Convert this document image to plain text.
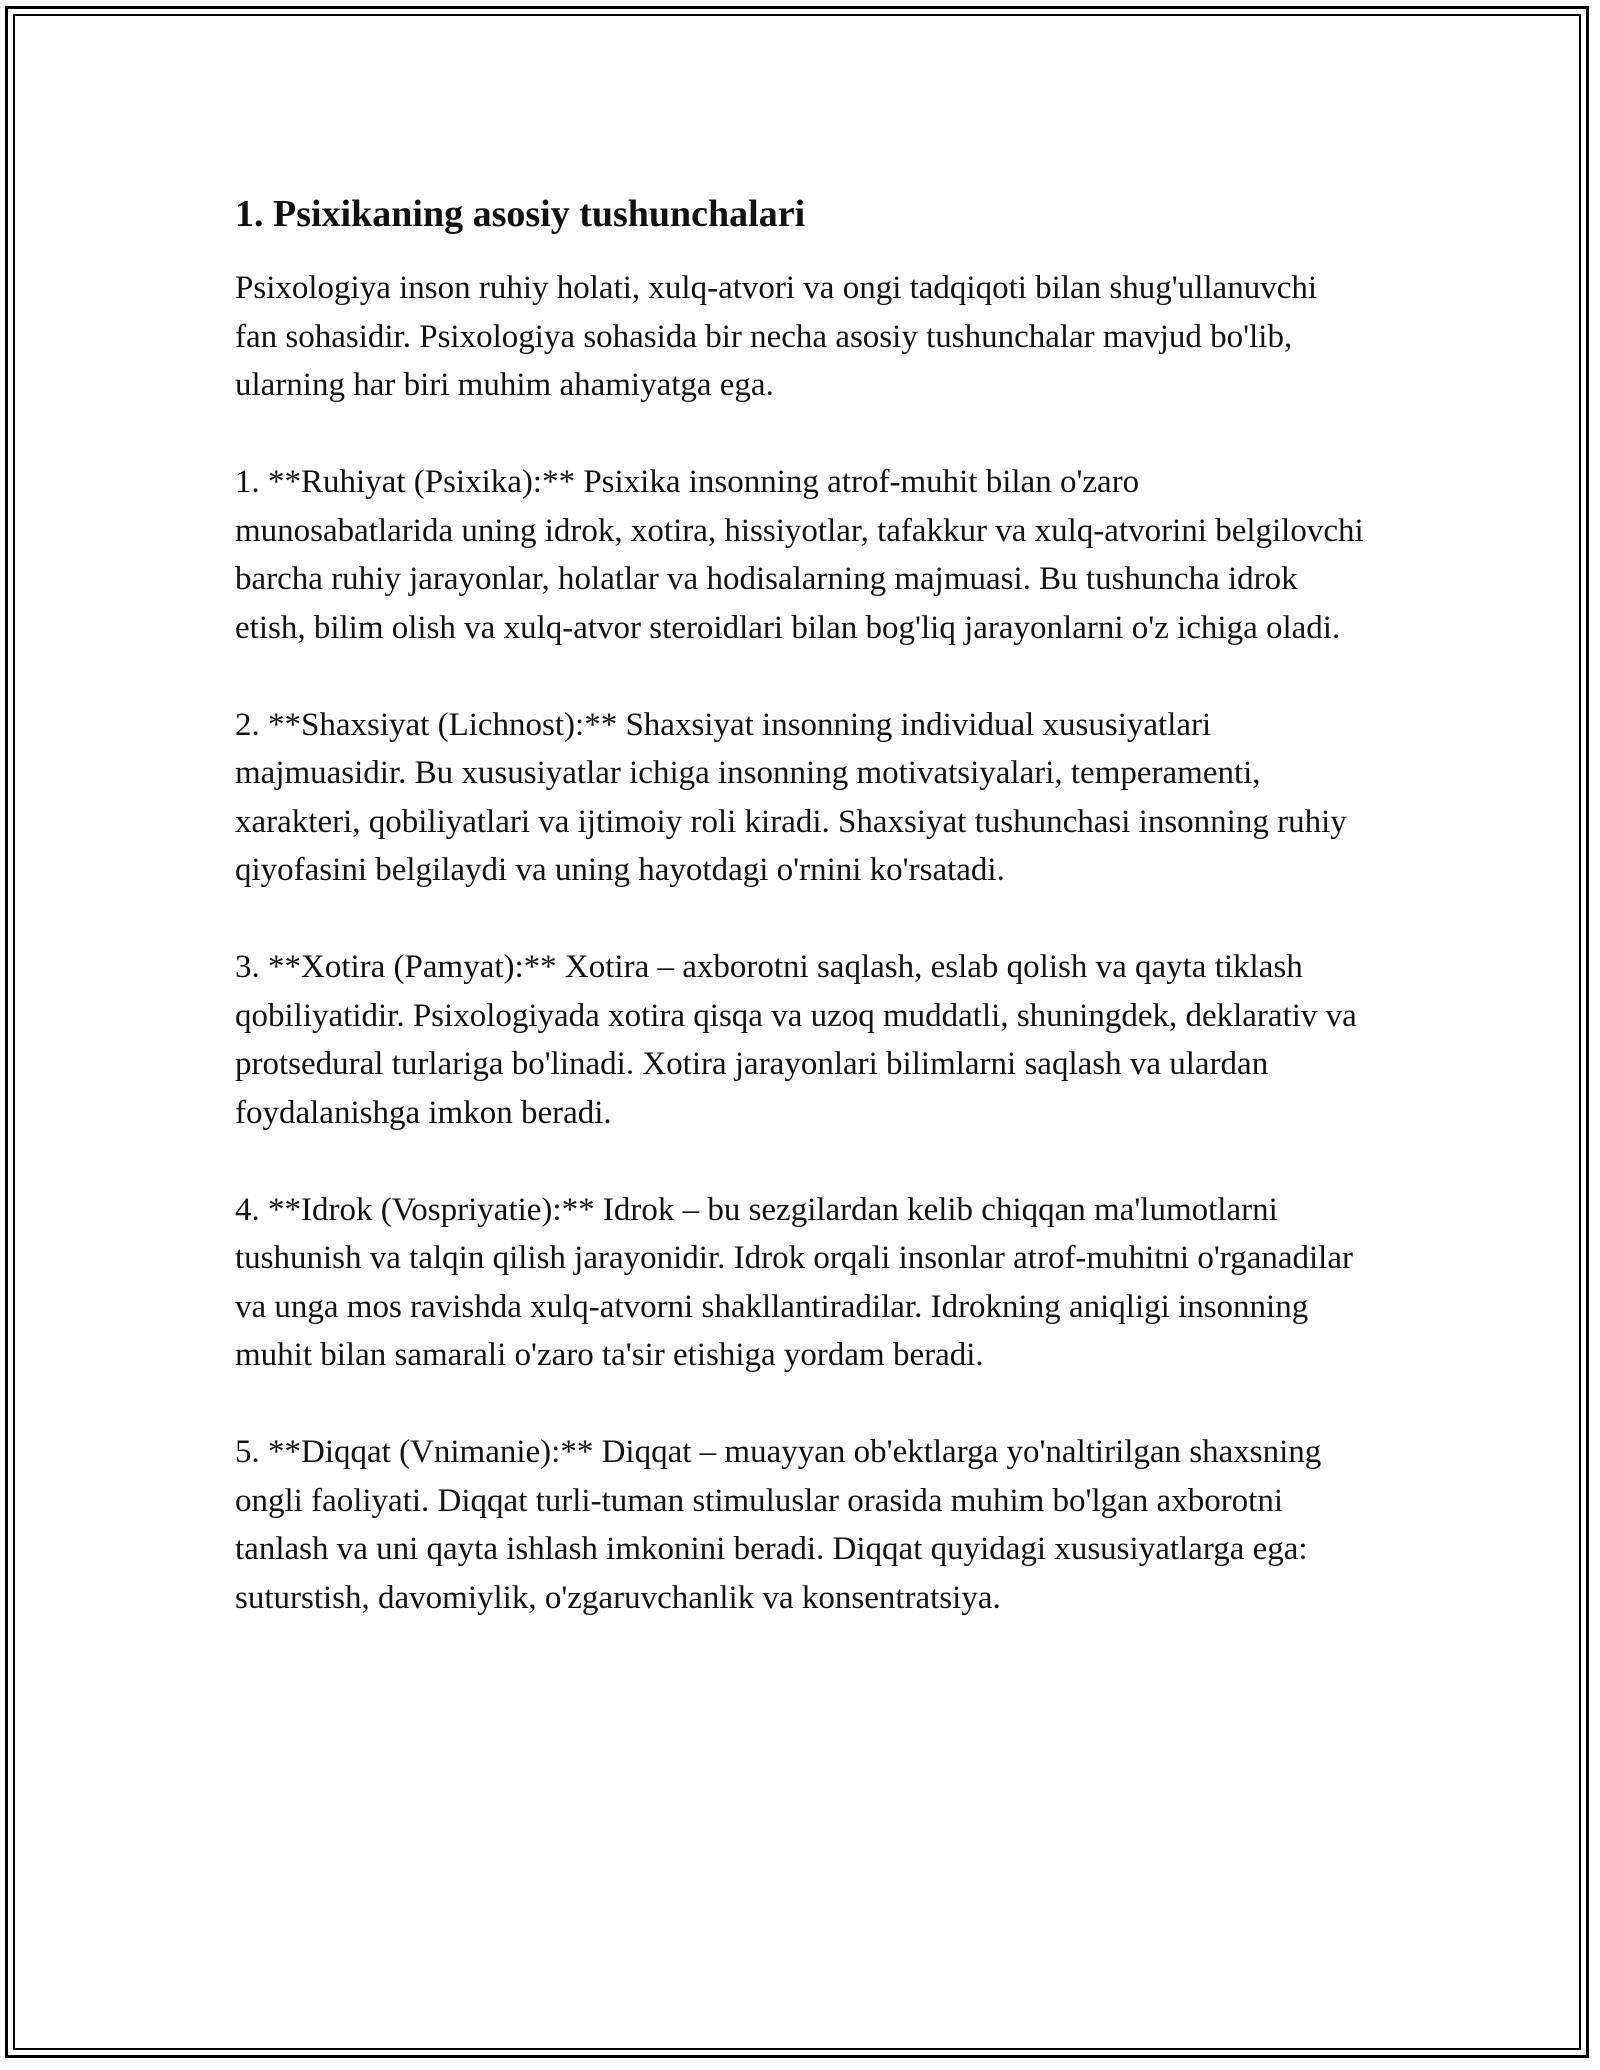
1. Psixikaning asosiy tushunchalari

Psixologiya inson ruhiy holati, xulq-atvori va ongi tadqiqoti bilan shug'ullanuvchi fan sohasidir. Psixologiya sohasida bir necha asosiy tushunchalar mavjud bo'lib, ularning har biri muhim ahamiyatga ega.

1. **Ruhiyat (Psixika):** Psixika insonning atrof-muhit bilan o'zaro munosabatlarida uning idrok, xotira, hissiyotlar, tafakkur va xulq-atvorini belgilovchi barcha ruhiy jarayonlar, holatlar va hodisalarning majmuasi. Bu tushuncha idrok etish, bilim olish va xulq-atvor steroidlari bilan bog'liq jarayonlarni o'z ichiga oladi.

2. **Shaxsiyat (Lichnost):** Shaxsiyat insonning individual xususiyatlari majmuasidir. Bu xususiyatlar ichiga insonning motivatsiyalari, temperamenti, xarakteri, qobiliyatlari va ijtimoiy roli kiradi. Shaxsiyat tushunchasi insonning ruhiy qiyofasini belgilaydi va uning hayotdagi o'rnini ko'rsatadi.

3. **Xotira (Pamyat):** Xotira – axborotni saqlash, eslab qolish va qayta tiklash qobiliyatidir. Psixologiyada xotira qisqa va uzoq muddatli, shuningdek, deklarativ va protsedural turlariga bo'linadi. Xotira jarayonlari bilimlarni saqlash va ulardan foydalanishga imkon beradi.

4. **Idrok (Vospriyatie):** Idrok – bu sezgilardan kelib chiqqan ma'lumotlarni tushunish va talqin qilish jarayonidir. Idrok orqali insonlar atrof-muhitni o'rganadilar va unga mos ravishda xulq-atvorni shakllantiradilar. Idrokning aniqligi insonning muhit bilan samarali o'zaro ta'sir etishiga yordam beradi.

5. **Diqqat (Vnimanie):** Diqqat – muayyan ob'ektlarga yo'naltirilgan shaxsning ongli faoliyati. Diqqat turli-tuman stimuluslar orasida muhim bo'lgan axborotni tanlash va uni qayta ishlash imkonini beradi. Diqqat quyidagi xususiyatlarga ega: suturstish, davomiylik, o'zgaruvchanlik va konsentratsiya.
